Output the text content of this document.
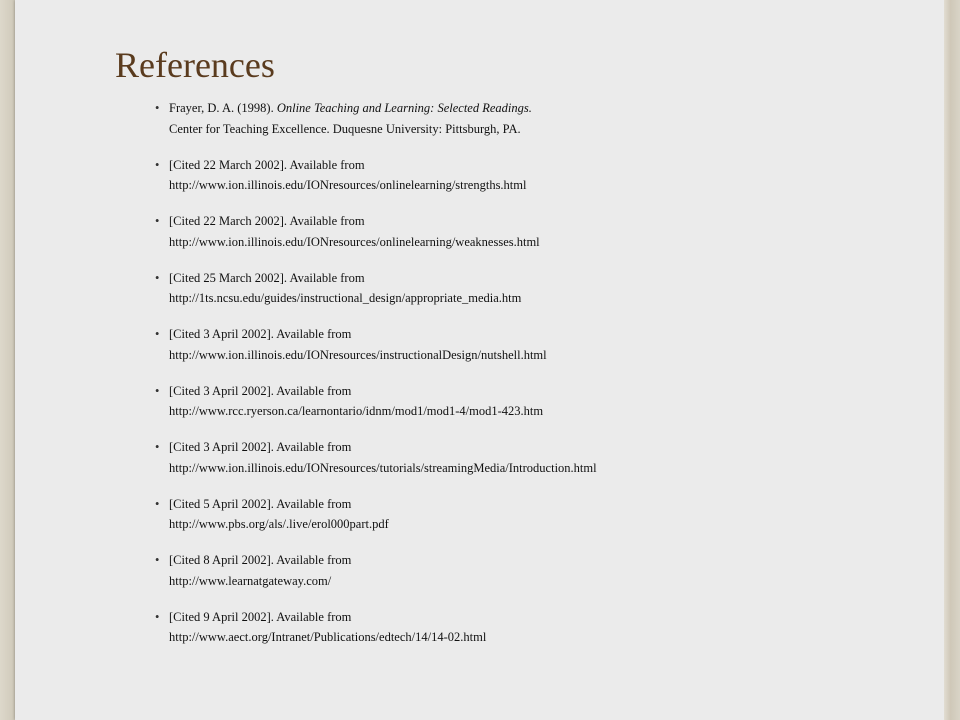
References
• Frayer, D. A. (1998). Online Teaching and Learning: Selected Readings.
Center for Teaching Excellence. Duquesne University: Pittsburgh, PA.
• [Cited 22 March 2002]. Available from
http://www.ion.illinois.edu/IONresources/onlinelearning/strengths.html
• [Cited 22 March 2002]. Available from
http://www.ion.illinois.edu/IONresources/onlinelearning/weaknesses.html
• [Cited 25 March 2002]. Available from
http://1ts.ncsu.edu/guides/instructional_design/appropriate_media.htm
• [Cited 3 April 2002]. Available from
http://www.ion.illinois.edu/IONresources/instructionalDesign/nutshell.html
• [Cited 3 April 2002]. Available from
http://www.rcc.ryerson.ca/learnontario/idnm/mod1/mod1-4/mod1-423.htm
• [Cited 3 April 2002]. Available from
http://www.ion.illinois.edu/IONresources/tutorials/streamingMedia/Introduction.html
• [Cited 5 April 2002]. Available from
http://www.pbs.org/als/.live/erol000part.pdf
• [Cited 8 April 2002]. Available from
http://www.learnatgateway.com/
• [Cited 9 April 2002]. Available from
http://www.aect.org/Intranet/Publications/edtech/14/14-02.html
